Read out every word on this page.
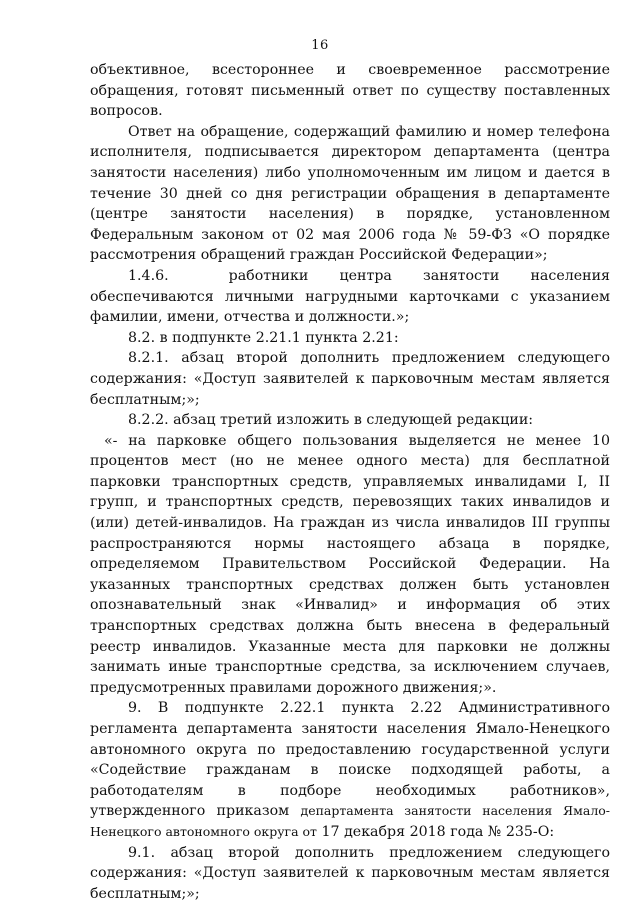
16

объективное, всестороннее и своевременное рассмотрение обращения, готовят письменный ответ по существу поставленных вопросов.

Ответ на обращение, содержащий фамилию и номер телефона исполнителя, подписывается директором департамента (центра занятости населения) либо уполномоченным им лицом и дается в течение 30 дней со дня регистрации обращения в департаменте (центре занятости населения) в порядке, установленном Федеральным законом от 02 мая 2006 года № 59-ФЗ «О порядке рассмотрения обращений граждан Российской Федерации»;

1.4.6.	работники центра занятости населения обеспечиваются личными нагрудными карточками с указанием фамилии, имени, отчества и должности.»;

8.2. в подпункте 2.21.1 пункта 2.21:

8.2.1. абзац второй дополнить предложением следующего содержания: «Доступ заявителей к парковочным местам является бесплатным;»;

8.2.2. абзац третий изложить в следующей редакции:

«- на парковке общего пользования выделяется не менее 10 процентов мест (но не менее одного места) для бесплатной парковки транспортных средств, управляемых инвалидами I, II групп, и транспортных средств, перевозящих таких инвалидов и (или) детей-инвалидов. На граждан из числа инвалидов III группы распространяются нормы настоящего абзаца в порядке, определяемом Правительством Российской Федерации. На указанных транспортных средствах должен быть установлен опознавательный знак «Инвалид» и информация об этих транспортных средствах должна быть внесена в федеральный реестр инвалидов. Указанные места для парковки не должны занимать иные транспортные средства, за исключением случаев, предусмотренных правилами дорожного движения;».

9. В подпункте 2.22.1 пункта 2.22 Административного регламента департамента занятости населения Ямало-Ненецкого автономного округа по предоставлению государственной услуги «Содействие гражданам в поиске подходящей работы, а работодателям в подборе необходимых работников», утвержденного приказом департамента занятости населения Ямало-Ненецкого автономного округа от 17 декабря 2018 года № 235-О:

9.1. абзац второй дополнить предложением следующего содержания: «Доступ заявителей к парковочным местам является бесплатным;»;
